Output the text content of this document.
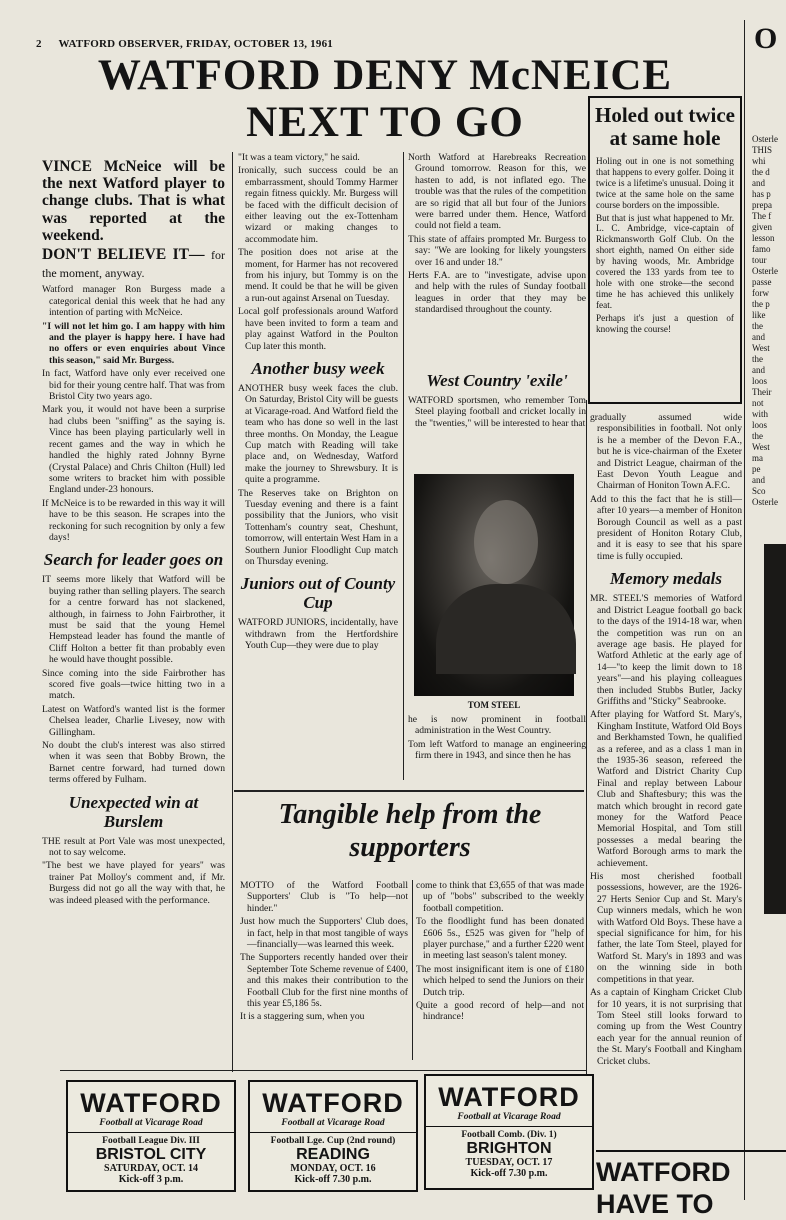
2 WATFORD OBSERVER, FRIDAY, OCTOBER 13, 1961
WATFORD DENY McNEICE
NEXT TO GO

VINCE McNeice will be the next Watford player to change clubs. That is what was reported at the weekend.

DON'T BELIEVE IT— for the moment, anyway.

Watford manager Ron Burgess made a categorical denial this week that he had any intention of parting with McNeice.

"I will not let him go. I am happy with him and the player is happy here. I have had no offers or even enquiries about Vince this season," said Mr. Burgess.

In fact, Watford have only ever received one bid for their young centre half. That was from Bristol City two years ago.

Mark you, it would not have been a surprise had clubs been "sniffing" as the saying is. Vince has been playing particularly well in recent games and the way in which he handled the highly rated Johnny Byrne (Crystal Palace) and Chris Chilton (Hull) led some writers to bracket him with possible England under-23 honours.

If McNeice is to be rewarded in this way it will have to be this season. He scrapes into the reckoning for such recognition by only a few days!

Search for leader goes on

IT seems more likely that Watford will be buying rather than selling players. The search for a centre forward has not slackened, although, in fairness to John Fairbrother, it must be said that the young Hemel Hempstead leader has found the mantle of Cliff Holton a better fit than probably even he would have thought possible.

Since coming into the side Fairbrother has scored five goals—twice hitting two in a match.

Latest on Watford's wanted list is the former Chelsea leader, Charlie Livesey, now with Gillingham.

No doubt the club's interest was also stirred when it was seen that Bobby Brown, the Barnet centre forward, had turned down terms offered by Fulham.

Unexpected win at Burslem

THE result at Port Vale was most unexpected, not to say welcome.

"The best we have played for years" was trainer Pat Molloy's comment and, if Mr. Burgess did not go all the way with that, he was indeed pleased with the performance.

"It was a team victory," he said.

Ironically, such success could be an embarrassment, should Tommy Harmer regain fitness quickly. Mr. Burgess will be faced with the difficult decision of either leaving out the ex-Tottenham wizard or making changes to accommodate him.

The position does not arise at the moment, for Harmer has not recovered from his injury, but Tommy is on the mend. It could be that he will be given a run-out against Arsenal on Tuesday.

Local golf professionals around Watford have been invited to form a team and play against Watford in the Poulton Cup later this month.

Another busy week

ANOTHER busy week faces the club. On Saturday, Bristol City will be guests at Vicarage-road. And Watford field the team who has done so well in the last three months. On Monday, the League Cup match with Reading will take place and, on Wednesday, Watford make the journey to Shrewsbury. It is quite a programme.

The Reserves take on Brighton on Tuesday evening and there is a faint possibility that the Juniors, who visit Tottenham's country seat, Cheshunt, tomorrow, will entertain West Ham in a Southern Junior Floodlight Cup match on Thursday evening.

Juniors out of County Cup

WATFORD JUNIORS, incidentally, have withdrawn from the Hertfordshire Youth Cup—they were due to play

North Watford at Harebreaks Recreation Ground tomorrow. Reason for this, we hasten to add, is not inflated ego. The trouble was that the rules of the competition are so rigid that all but four of the Juniors were barred under them. Hence, Watford could not field a team.

This state of affairs prompted Mr. Burgess to say: "We are looking for likely youngsters over 16 and under 18."

Herts F.A. are to "investigate, advise upon and help with the rules of Sunday football leagues in order that they may be standardised throughout the county.

West Country 'exile'

WATFORD sportsmen, who remember Tom Steel playing football and cricket locally in the "twenties," will be interested to hear that

TOM STEEL

he is now prominent in football administration in the West Country.

Tom left Watford to manage an engineering firm there in 1943, and since then he has

Holed out twice at same hole

Holing out in one is not something that happens to every golfer. Doing it twice is a lifetime's unusual. Doing it twice at the same hole on the same course borders on the impossible.

But that is just what happened to Mr. L. C. Ambridge, vice-captain of Rickmansworth Golf Club. On the short eighth, named On either side by having woods, Mr. Ambridge covered the 133 yards from tee to hole with one stroke—the second time he has achieved this unlikely feat.

Perhaps it's just a question of knowing the course!

gradually assumed wide responsibilities in football. Not only is he a member of the Devon F.A., but he is vice-chairman of the Exeter and District League, chairman of the East Devon Youth League and Chairman of Honiton Town A.F.C.

Add to this the fact that he is still—after 10 years—a member of Honiton Borough Council as well as a past president of Honiton Rotary Club, and it is easy to see that his spare time is fully occupied.

Memory medals

MR. STEEL'S memories of Watford and District League football go back to the days of the 1914-18 war, when the competition was run on an average age basis. He played for Watford Athletic at the early age of 14—"to keep the limit down to 18 years"—and his playing colleagues then included Stubbs Butler, Jacky Griffiths and "Sticky" Seabrooke.

After playing for Watford St. Mary's, Kingham Institute, Watford Old Boys and Berkhamsted Town, he qualified as a referee, and as a class 1 man in the 1935-36 season, refereed the Watford and District Charity Cup Final and replay between Labour Club and Shaftesbury; this was the match which brought in record gate money for the Watford Peace Memorial Hospital, and Tom still possesses a medal bearing the Watford Borough arms to mark the achievement.

His most cherished football possessions, however, are the 1926-27 Herts Senior Cup and St. Mary's Cup winners medals, which he won with Watford Old Boys. These have a special significance for him, for his father, the late Tom Steel, played for Watford St. Mary's in 1893 and was on the winning side in both competitions in that year.

As a captain of Kingham Cricket Club for 10 years, it is not surprising that Tom Steel still looks forward to coming up from the West Country each year for the annual reunion of the St. Mary's Football and Kingham Cricket clubs.

Tangible help from the supporters

MOTTO of the Watford Football Supporters' Club is "To help—not hinder."

Just how much the Supporters' Club does, in fact, help in that most tangible of ways—financially—was learned this week.

The Supporters recently handed over their September Tote Scheme revenue of £400, and this makes their contribution to the Football Club for the first nine months of this year £5,186 5s.

It is a staggering sum, when you

come to think that £3,655 of that was made up of "bobs" subscribed to the weekly football competition.

To the floodlight fund has been donated £606 5s., £525 was given for "help of player purchase," and a further £220 went in meeting last season's talent money.

The most insignificant item is one of £180 which helped to send the Juniors on their Dutch trip.

Quite a good record of help—and not hindrance!

WATFORD
Football at Vicarage Road
Football League Div. III
BRISTOL CITY
SATURDAY, OCT. 14
Kick-off 3 p.m.
WATFORD
Football at Vicarage Road
Football Lge. Cup (2nd round)
READING
MONDAY, OCT. 16
Kick-off 7.30 p.m.
WATFORD
Football at Vicarage Road
Football Comb. (Div. 1)
BRIGHTON
TUESDAY, OCT. 17
Kick-off 7.30 p.m.
O
Osterle
THIS
whi
the d
and
has p
prepa
The f
given
lesson
famo
tour
Osterle
passe
forw
the p
like
the
and
West
the
and
loos
Their
not
with
loos
the
West
ma
pe
and
Sco
Osterle
WATFORD
HAVE TO
